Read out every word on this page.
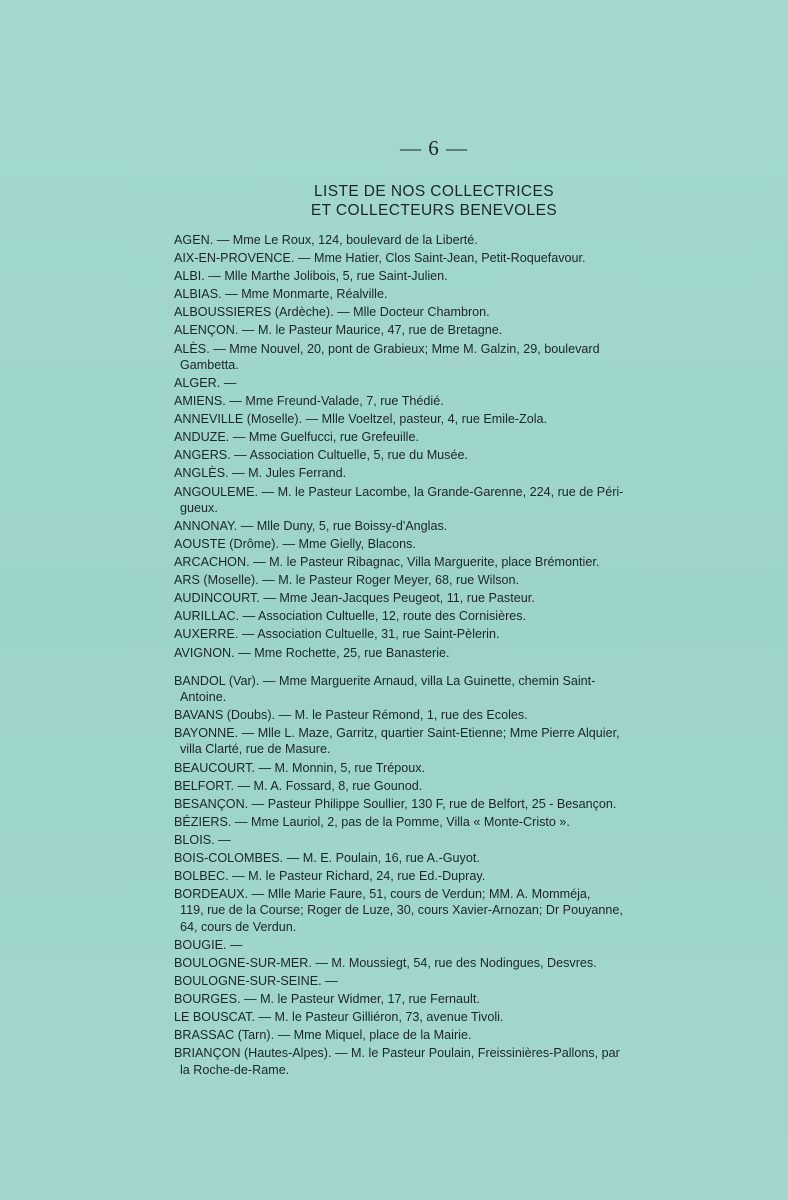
— 6 —
LISTE DE NOS COLLECTRICES
ET COLLECTEURS BENEVOLES
AGEN. — Mme Le Roux, 124, boulevard de la Liberté.
AIX-EN-PROVENCE. — Mme Hatier, Clos Saint-Jean, Petit-Roquefavour.
ALBI. — Mlle Marthe Jolibois, 5, rue Saint-Julien.
ALBIAS. — Mme Monmarte, Réalville.
ALBOUSSIERES (Ardèche). — Mlle Docteur Chambron.
ALENÇON. — M. le Pasteur Maurice, 47, rue de Bretagne.
ALÈS. — Mme Nouvel, 20, pont de Grabieux; Mme M. Galzin, 29, boulevard
Gambetta.
ALGER. —
AMIENS. — Mme Freund-Valade, 7, rue Thédié.
ANNEVILLE (Moselle). — Mlle Voeltzel, pasteur, 4, rue Emile-Zola.
ANDUZE. — Mme Guelfucci, rue Grefeuille.
ANGERS. — Association Cultuelle, 5, rue du Musée.
ANGLÈS. — M. Jules Ferrand.
ANGOULEME. — M. le Pasteur Lacombe, la Grande-Garenne, 224, rue de Péri-
gueux.
ANNONAY. — Mlle Duny, 5, rue Boissy-d'Anglas.
AOUSTE (Drôme). — Mme Gielly, Blacons.
ARCACHON. — M. le Pasteur Ribagnac, Villa Marguerite, place Brémontier.
ARS (Moselle). — M. le Pasteur Roger Meyer, 68, rue Wilson.
AUDINCOURT. — Mme Jean-Jacques Peugeot, 11, rue Pasteur.
AURILLAC. — Association Cultuelle, 12, route des Cornisières.
AUXERRE. — Association Cultuelle, 31, rue Saint-Pèlerin.
AVIGNON. — Mme Rochette, 25, rue Banasterie.
BANDOL (Var). — Mme Marguerite Arnaud, villa La Guinette, chemin Saint-
Antoine.
BAVANS (Doubs). — M. le Pasteur Rémond, 1, rue des Ecoles.
BAYONNE. — Mlle L. Maze, Garritz, quartier Saint-Etienne; Mme Pierre Alquier,
villa Clarté, rue de Masure.
BEAUCOURT. — M. Monnin, 5, rue Trépoux.
BELFORT. — M. A. Fossard, 8, rue Gounod.
BESANÇON. — Pasteur Philippe Soullier, 130 F, rue de Belfort, 25 - Besançon.
BÉZIERS. — Mme Lauriol, 2, pas de la Pomme, Villa « Monte-Cristo ».
BLOIS. —
BOIS-COLOMBES. — M. E. Poulain, 16, rue A.-Guyot.
BOLBEC. — M. le Pasteur Richard, 24, rue Ed.-Dupray.
BORDEAUX. — Mlle Marie Faure, 51, cours de Verdun; MM. A. Momméja,
119, rue de la Course; Roger de Luze, 30, cours Xavier-Arnozan; Dr Pouyanne,
64, cours de Verdun.
BOUGIE. —
BOULOGNE-SUR-MER. — M. Moussiegt, 54, rue des Nodingues, Desvres.
BOULOGNE-SUR-SEINE. —
BOURGES. — M. le Pasteur Widmer, 17, rue Fernault.
LE BOUSCAT. — M. le Pasteur Gilliéron, 73, avenue Tivoli.
BRASSAC (Tarn). — Mme Miquel, place de la Mairie.
BRIANÇON (Hautes-Alpes). — M. le Pasteur Poulain, Freissinières-Pallons, par
la Roche-de-Rame.
